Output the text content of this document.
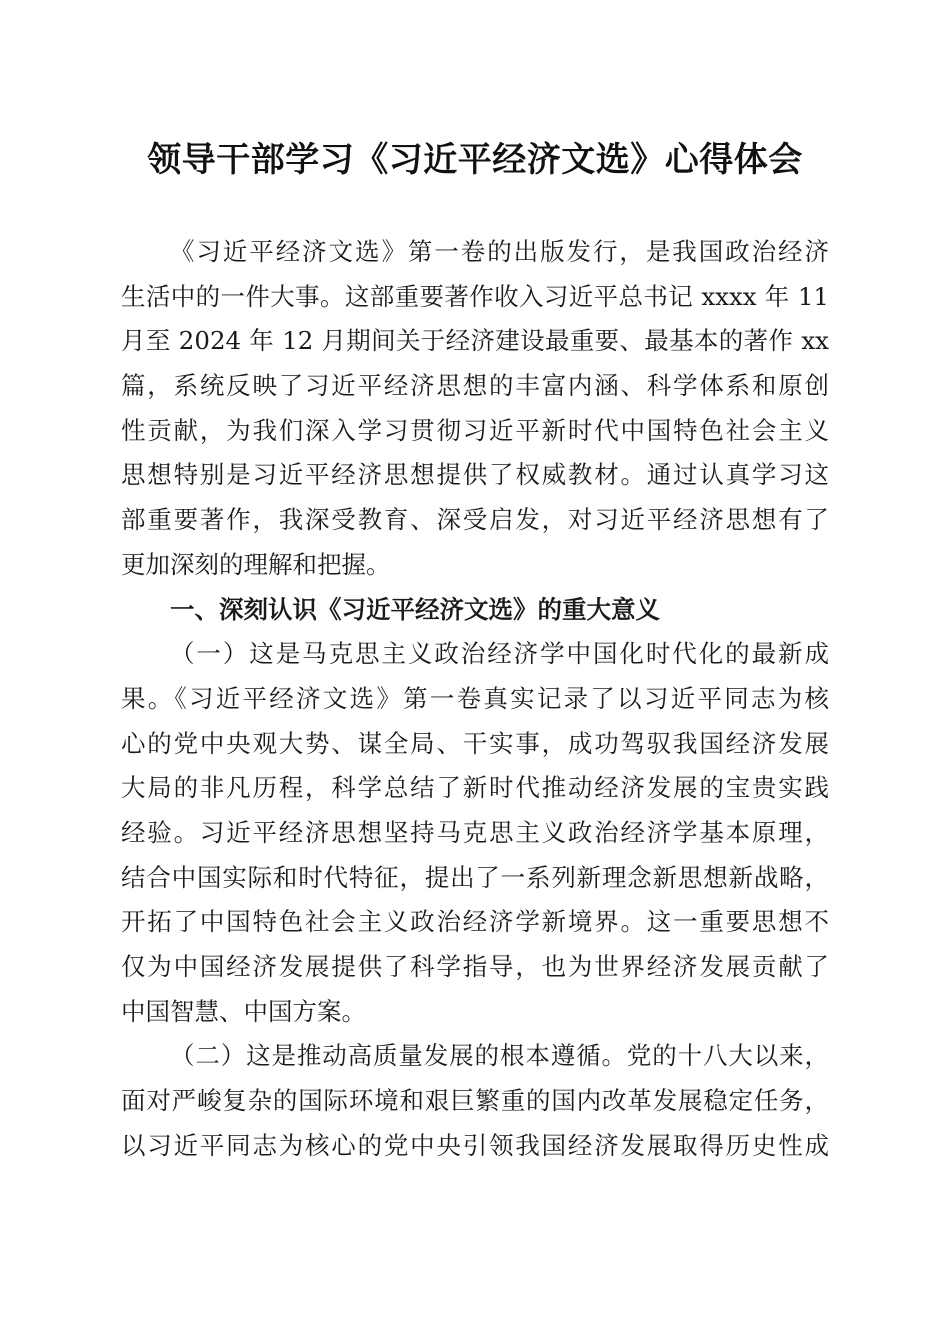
领导干部学习《习近平经济文选》心得体会
《习近平经济文选》第一卷的出版发行，是我国政治经济
生活中的一件大事。这部重要著作收入习近平总书记 xxxx 年 11
月至 2024 年 12 月期间关于经济建设最重要、最基本的著作 xx
篇，系统反映了习近平经济思想的丰富内涵、科学体系和原创
性贡献，为我们深入学习贯彻习近平新时代中国特色社会主义
思想特别是习近平经济思想提供了权威教材。通过认真学习这
部重要著作，我深受教育、深受启发，对习近平经济思想有了
更加深刻的理解和把握。
一、深刻认识《习近平经济文选》的重大意义
（一）这是马克思主义政治经济学中国化时代化的最新成
果。《习近平经济文选》第一卷真实记录了以习近平同志为核
心的党中央观大势、谋全局、干实事，成功驾驭我国经济发展
大局的非凡历程，科学总结了新时代推动经济发展的宝贵实践
经验。习近平经济思想坚持马克思主义政治经济学基本原理，
结合中国实际和时代特征，提出了一系列新理念新思想新战略，
开拓了中国特色社会主义政治经济学新境界。这一重要思想不
仅为中国经济发展提供了科学指导，也为世界经济发展贡献了
中国智慧、中国方案。
（二）这是推动高质量发展的根本遵循。党的十八大以来，
面对严峻复杂的国际环境和艰巨繁重的国内改革发展稳定任务，
以习近平同志为核心的党中央引领我国经济发展取得历史性成
